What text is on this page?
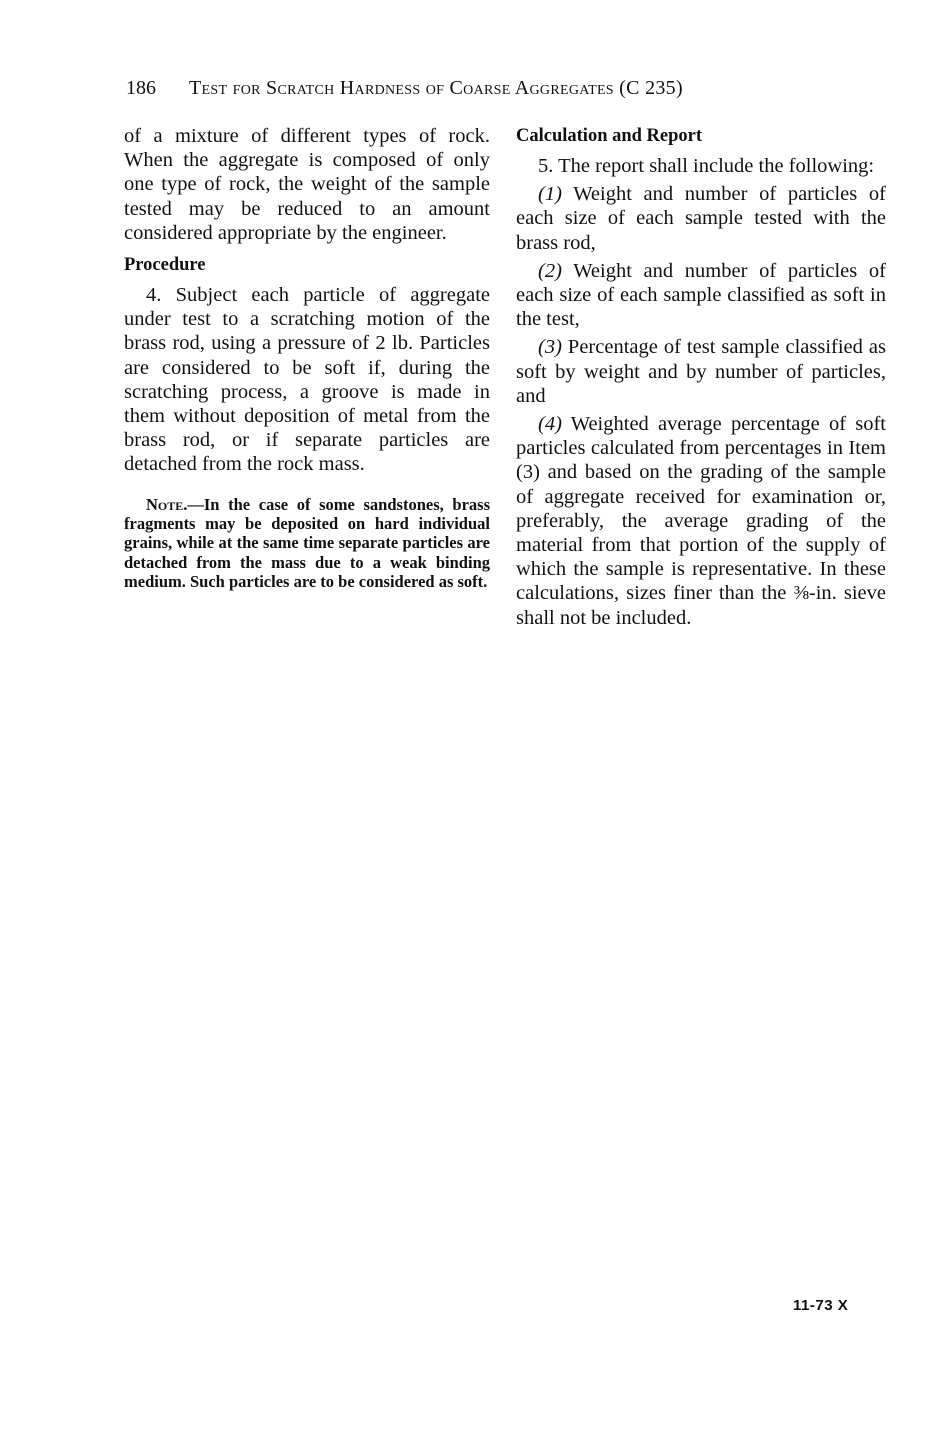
186 Test for Scratch Hardness of Coarse Aggregates (C 235)

of a mixture of different types of rock. When the aggregate is composed of only one type of rock, the weight of the sample tested may be reduced to an amount considered appropriate by the engineer.

Procedure

4. Subject each particle of aggregate under test to a scratching motion of the brass rod, using a pressure of 2 lb. Particles are considered to be soft if, during the scratching process, a groove is made in them without deposition of metal from the brass rod, or if separate particles are detached from the rock mass.

Note.—In the case of some sandstones, brass fragments may be deposited on hard individual grains, while at the same time separate particles are detached from the mass due to a weak binding medium. Such particles are to be considered as soft.

Calculation and Report

5. The report shall include the following:

(1) Weight and number of particles of each size of each sample tested with the brass rod,

(2) Weight and number of particles of each size of each sample classified as soft in the test,

(3) Percentage of test sample classified as soft by weight and by number of particles, and

(4) Weighted average percentage of soft particles calculated from percentages in Item (3) and based on the grading of the sample of aggregate received for examination or, preferably, the average grading of the material from that portion of the supply of which the sample is representative. In these calculations, sizes finer than the ⅜-in. sieve shall not be included.

11-73 X
